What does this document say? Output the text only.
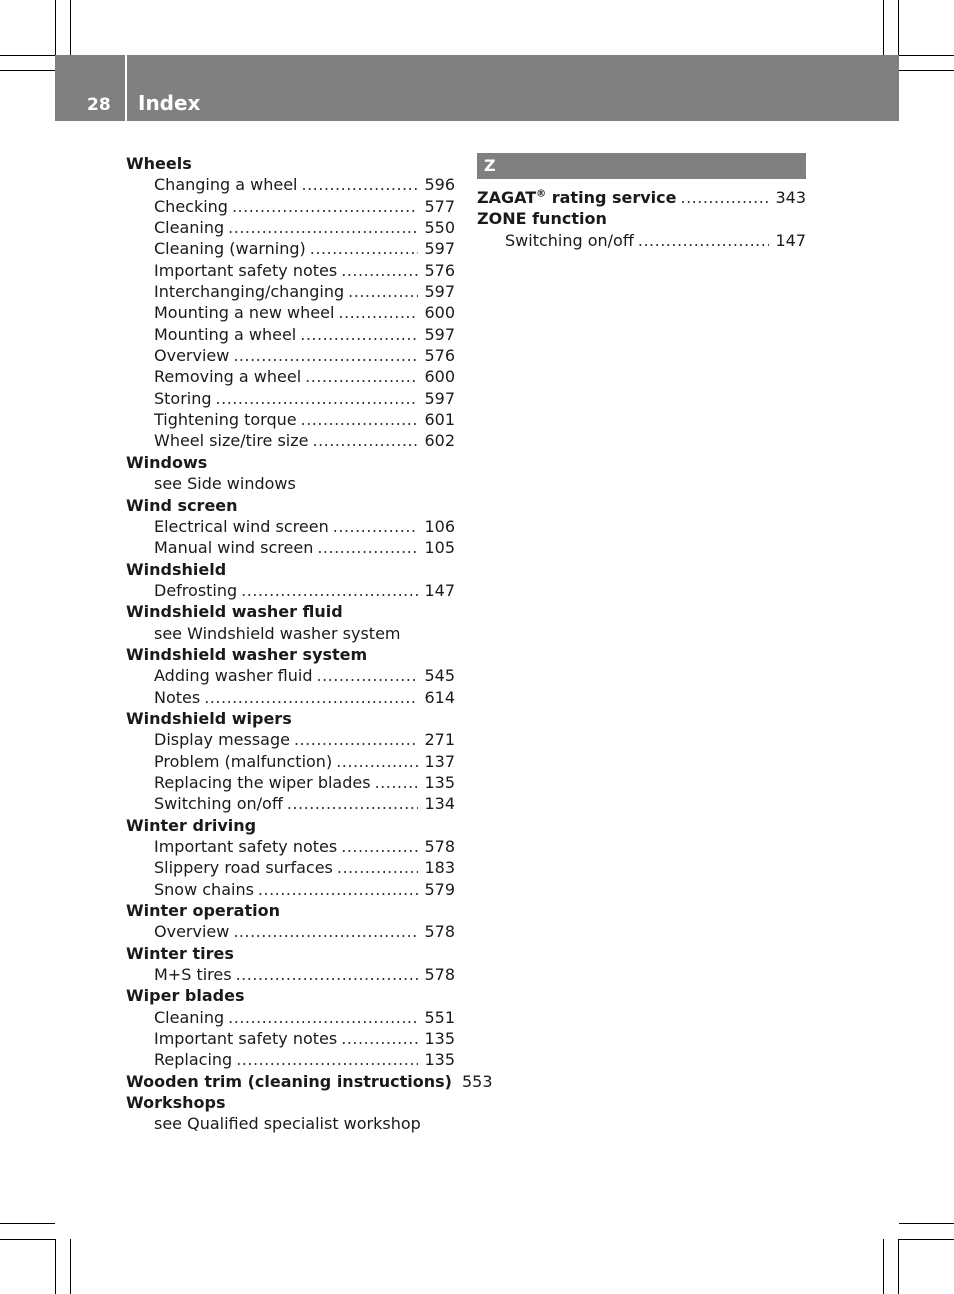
28 Index
Wheels
Changing a wheel .....	596
Checking .....	577
Cleaning .....	550
Cleaning (warning) .....	597
Important safety notes .....	576
Interchanging/changing .....	597
Mounting a new wheel .....	600
Mounting a wheel .....	597
Overview .....	576
Removing a wheel .....	600
Storing .....	597
Tightening torque .....	601
Wheel size/tire size .....	602
Windows
see Side windows
Wind screen
Electrical wind screen .....	106
Manual wind screen .....	105
Windshield
Defrosting .....	147
Windshield washer fluid
see Windshield washer system
Windshield washer system
Adding washer fluid .....	545
Notes .....	614
Windshield wipers
Display message .....	271
Problem (malfunction) .....	137
Replacing the wiper blades .....	135
Switching on/off .....	134
Winter driving
Important safety notes .....	578
Slippery road surfaces .....	183
Snow chains .....	579
Winter operation
Overview .....	578
Winter tires
M+S tires .....	578
Wiper blades
Cleaning .....	551
Important safety notes .....	135
Replacing .....	135
Wooden trim (cleaning instructions) 553
Workshops
see Qualified specialist workshop
Z
ZAGAT® rating service .....	343
ZONE function
Switching on/off .....	147
